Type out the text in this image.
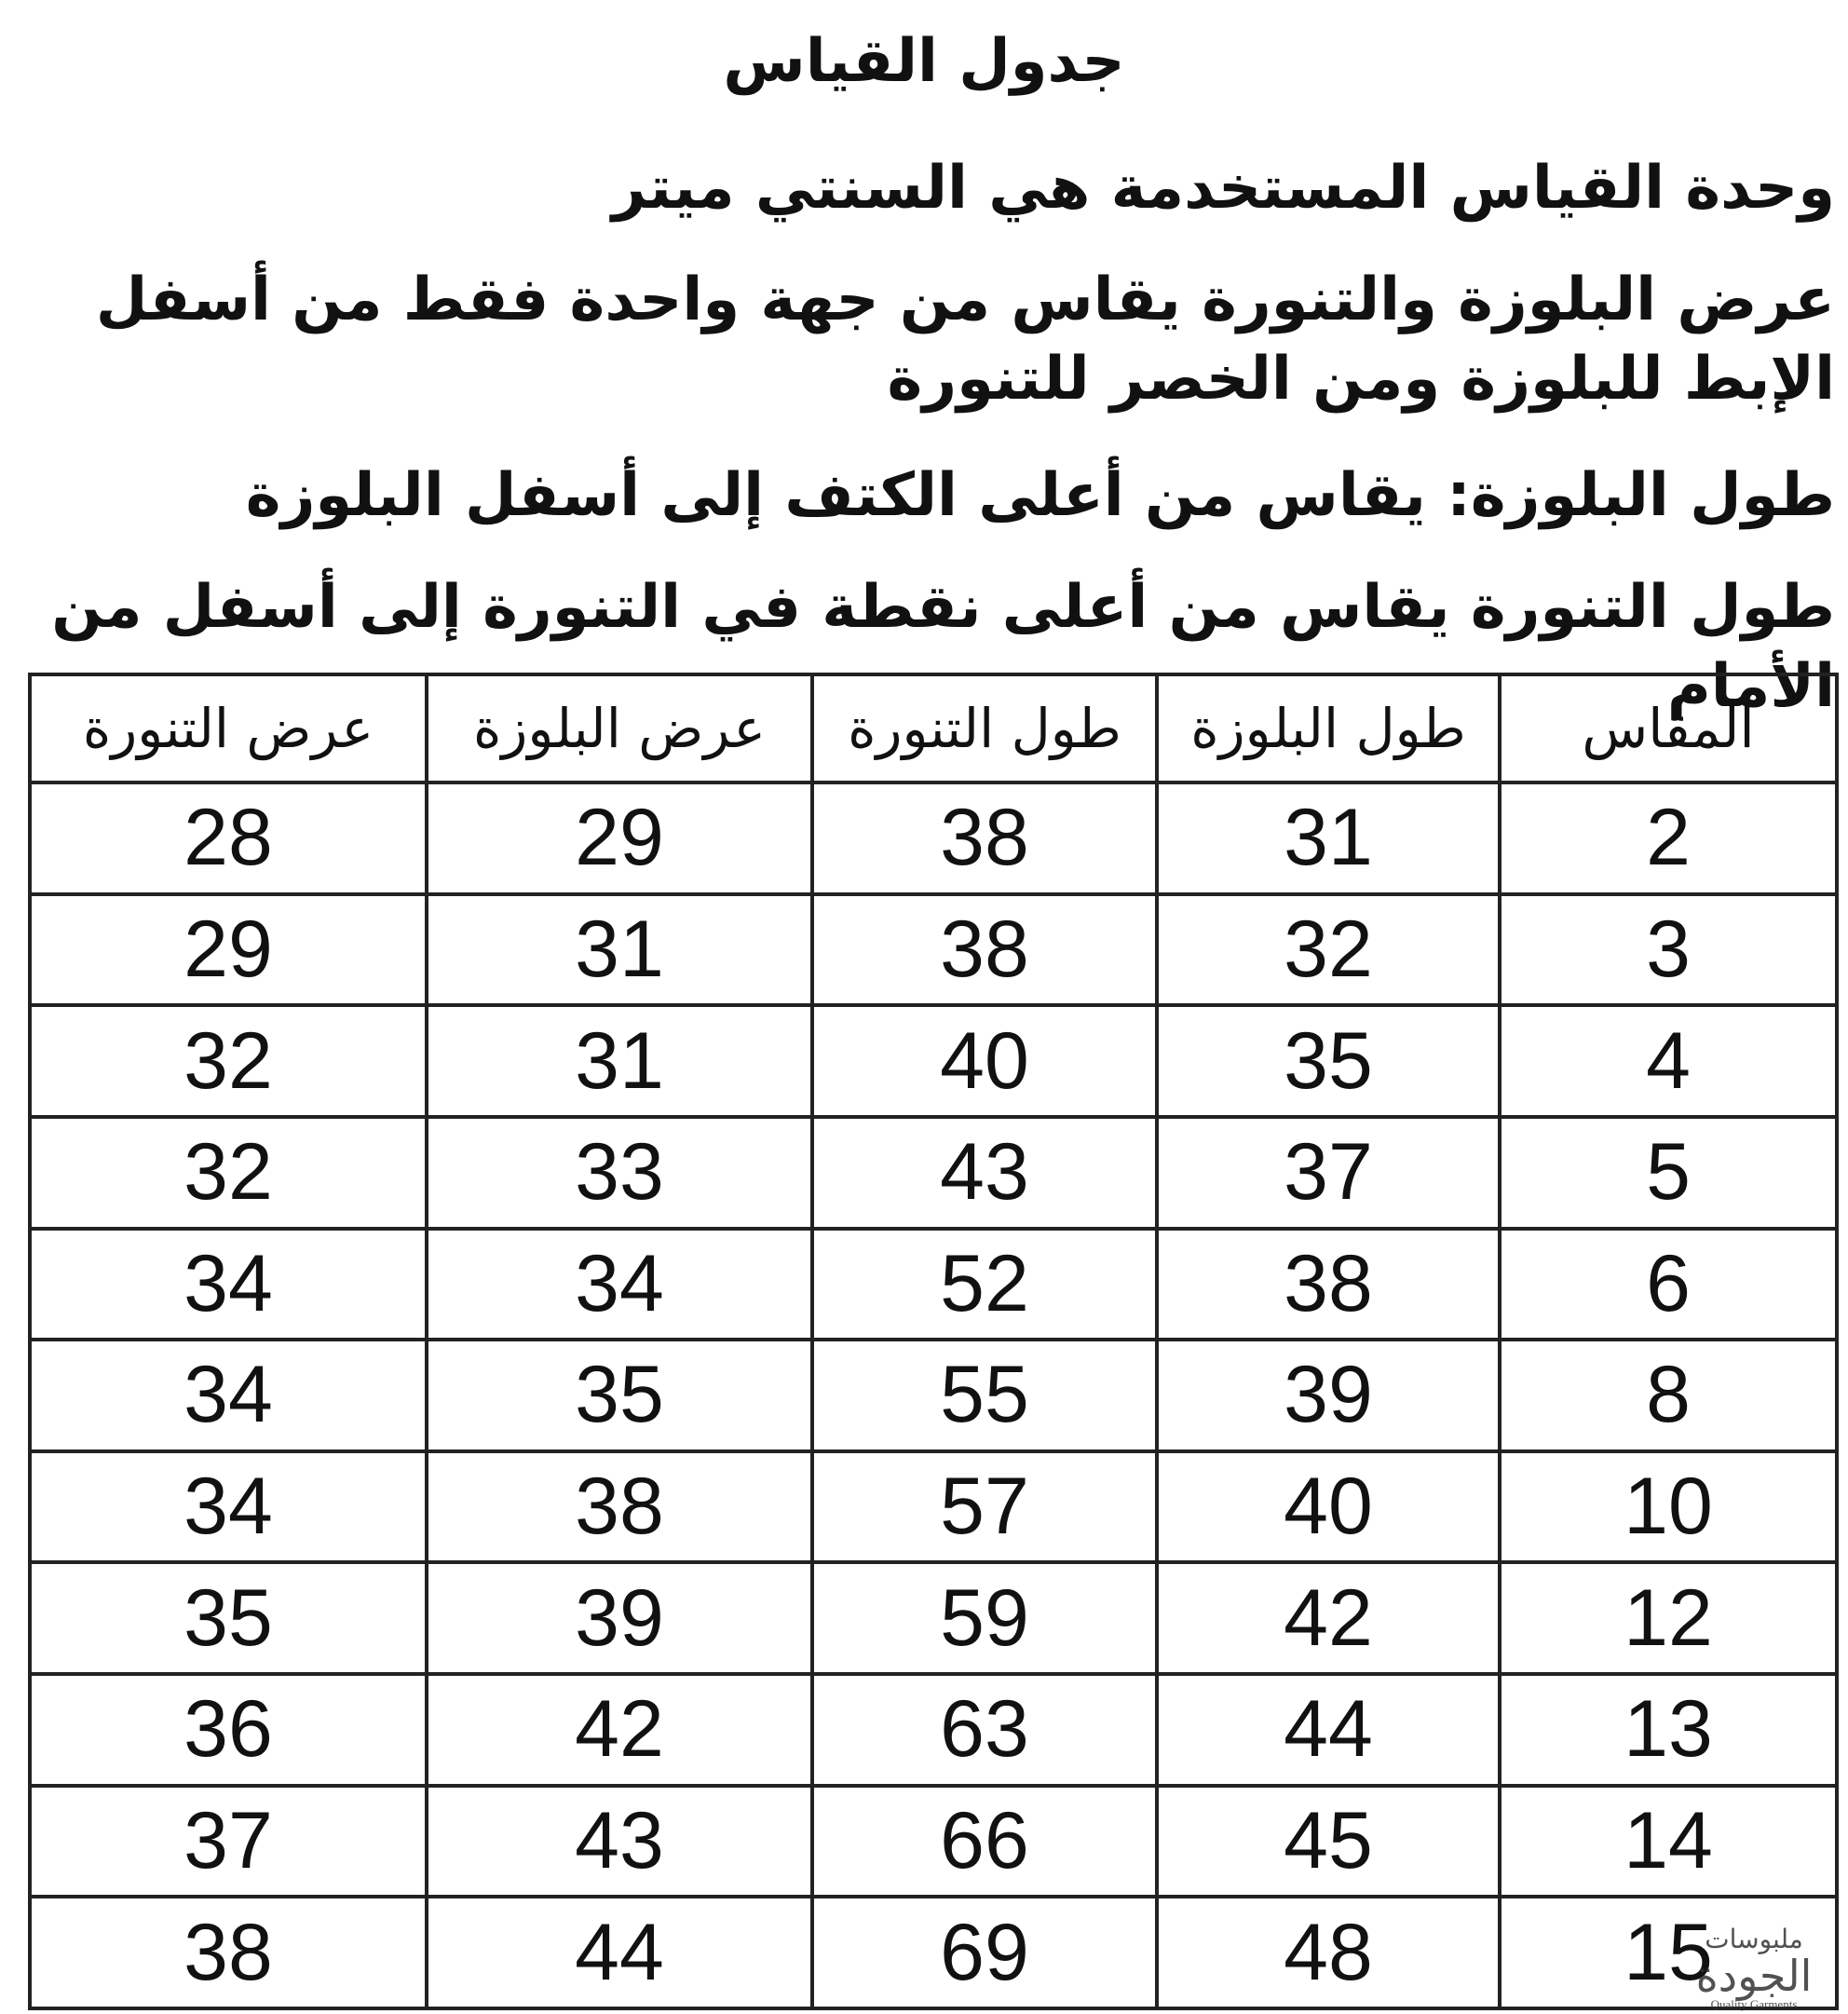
جدول القياس
وحدة القياس المستخدمة هي السنتي ميتر
عرض البلوزة والتنورة يقاس من جهة واحدة فقط من أسفل الإبط للبلوزة ومن الخصر للتنورة
طول البلوزة: يقاس من أعلى الكتف إلى أسفل البلوزة
طول التنورة يقاس من أعلى نقطة في التنورة إلى أسفل من الأمام
المقاس	طول البلوزة	طول التنورة	عرض البلوزة	عرض التنورة
2	31	38	29	28
3	32	38	31	29
4	35	40	31	32
5	37	43	33	32
6	38	52	34	34
8	39	55	35	34
10	40	57	38	34
12	42	59	39	35
13	44	63	42	36
14	45	66	43	37
15	48	69	44	38	ملبوسات
الجودة
Quality Garments
